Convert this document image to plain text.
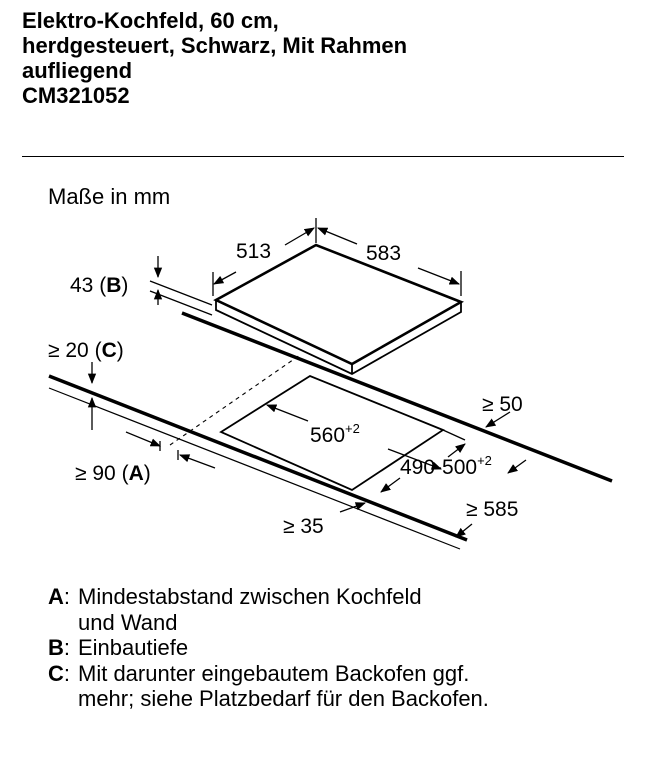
Elektro-Kochfeld, 60 cm,
herdgesteuert, Schwarz, Mit Rahmen
aufliegend
CM321052
Maße in mm
513	583
43 (B)
≥ 20 (C)
$560^{+2}$
$490-500^{+2}$
≥ 50
≥ 585
≥ 90 (A)
≥ 35
A: Mindestabstand zwischen Kochfeld
und Wand
B: Einbautiefe
C: Mit darunter eingebautem Backofen ggf.
mehr; siehe Platzbedarf für den Backofen.
